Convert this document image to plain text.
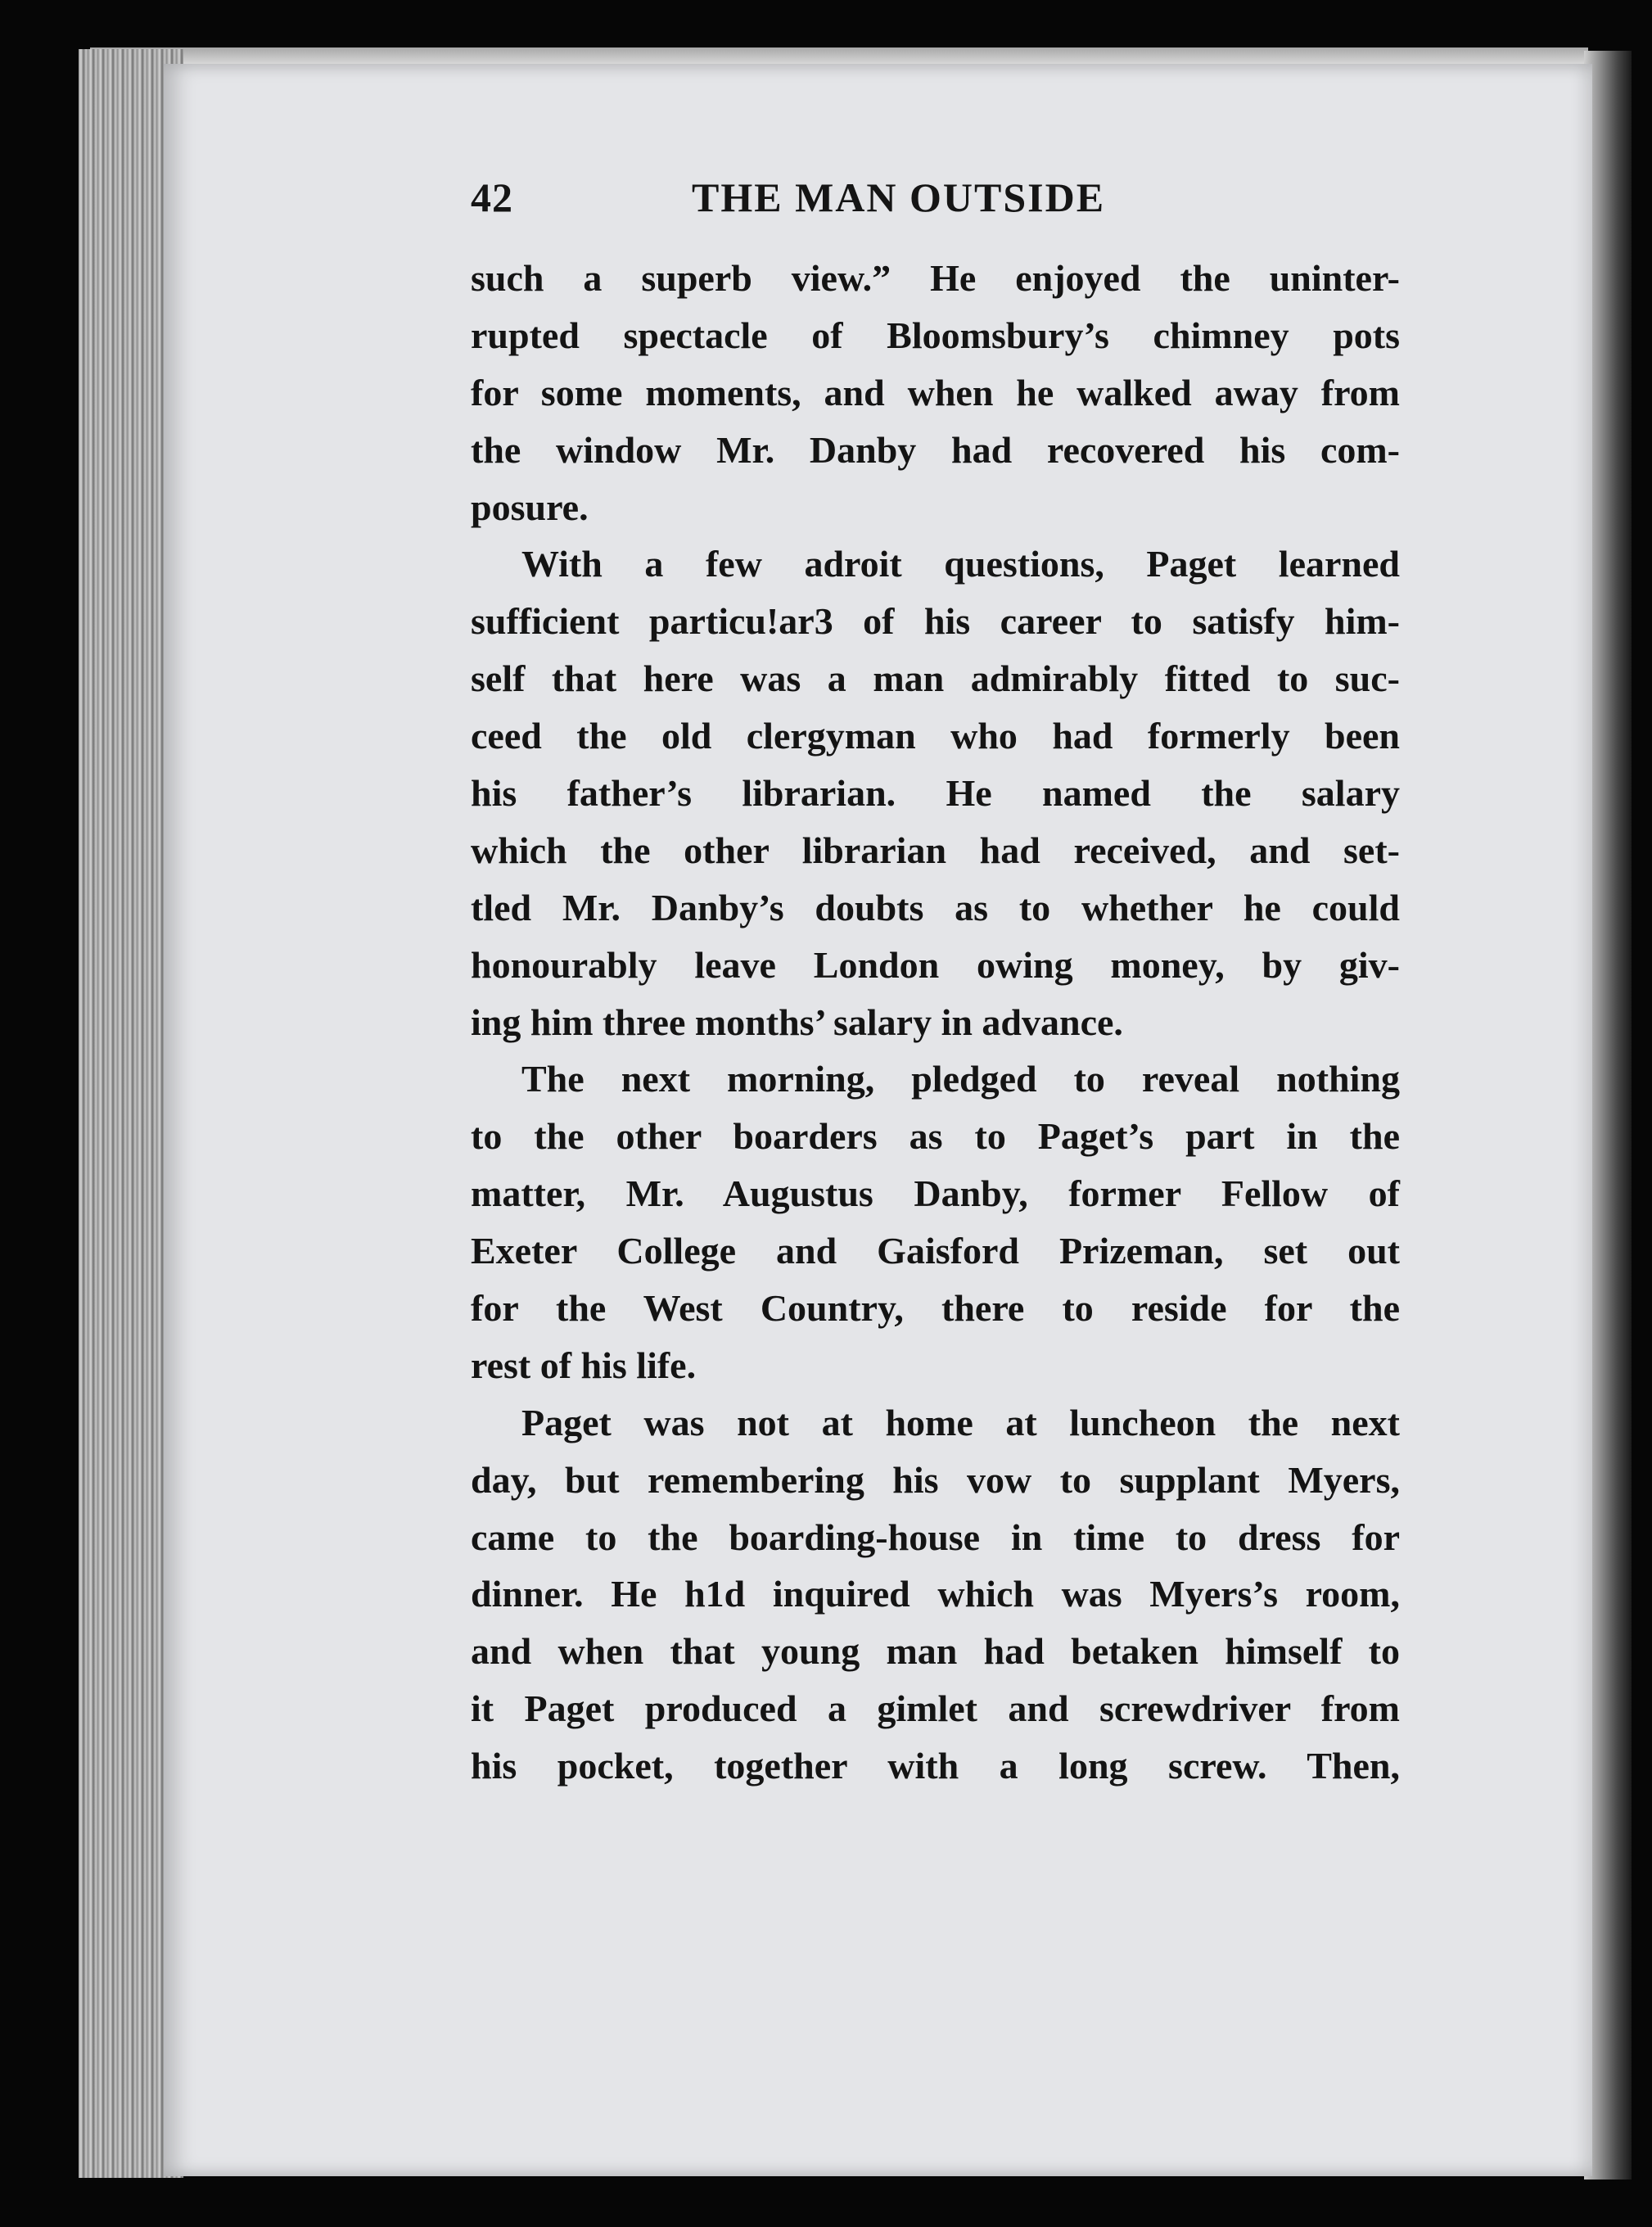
42	THE MAN OUTSIDE
such a superb view.” He enjoyed the uninter-
rupted spectacle of Bloomsbury’s chimney pots
for some moments, and when he walked away from
the window Mr. Danby had recovered his com-
posure.
With a few adroit questions, Paget learned
sufficient particu!ar3 of his career to satisfy him-
self that here was a man admirably fitted to suc-
ceed the old clergyman who had formerly been
his father’s librarian. He named the salary
which the other librarian had received, and set-
tled Mr. Danby’s doubts as to whether he could
honourably leave London owing money, by giv-
ing him three months’ salary in advance.
The next morning, pledged to reveal nothing
to the other boarders as to Paget’s part in the
matter, Mr. Augustus Danby, former Fellow of
Exeter College and Gaisford Prizeman, set out
for the West Country, there to reside for the
rest of his life.
Paget was not at home at luncheon the next
day, but remembering his vow to supplant Myers,
came to the boarding-house in time to dress for
dinner. He h1d inquired which was Myers’s room,
and when that young man had betaken himself to
it Paget produced a gimlet and screwdriver from
his pocket, together with a long screw. Then,
